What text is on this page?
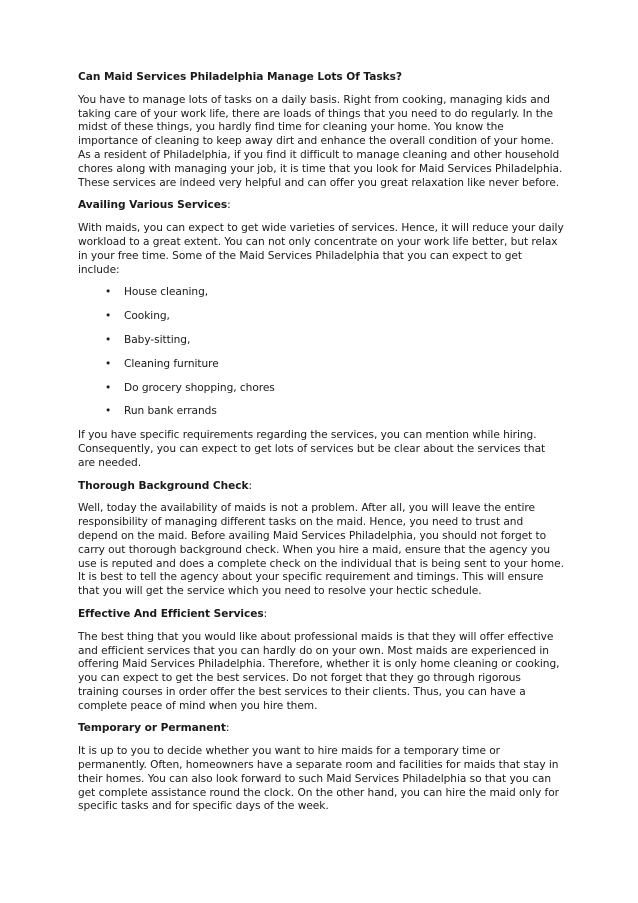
Can Maid Services Philadelphia Manage Lots Of Tasks?

You have to manage lots of tasks on a daily basis. Right from cooking, managing kids and taking care of your work life, there are loads of things that you need to do regularly. In the midst of these things, you hardly find time for cleaning your home. You know the importance of cleaning to keep away dirt and enhance the overall condition of your home. As a resident of Philadelphia, if you find it difficult to manage cleaning and other household chores along with managing your job, it is time that you look for Maid Services Philadelphia. These services are indeed very helpful and can offer you great relaxation like never before.

Availing Various Services:

With maids, you can expect to get wide varieties of services. Hence, it will reduce your daily workload to a great extent. You can not only concentrate on your work life better, but relax in your free time. Some of the Maid Services Philadelphia that you can expect to get include:

• House cleaning,
• Cooking,
• Baby-sitting,
• Cleaning furniture
• Do grocery shopping, chores
• Run bank errands

If you have specific requirements regarding the services, you can mention while hiring. Consequently, you can expect to get lots of services but be clear about the services that are needed.

Thorough Background Check:

Well, today the availability of maids is not a problem. After all, you will leave the entire responsibility of managing different tasks on the maid. Hence, you need to trust and depend on the maid. Before availing Maid Services Philadelphia, you should not forget to carry out thorough background check. When you hire a maid, ensure that the agency you use is reputed and does a complete check on the individual that is being sent to your home. It is best to tell the agency about your specific requirement and timings. This will ensure that you will get the service which you need to resolve your hectic schedule.

Effective And Efficient Services:

The best thing that you would like about professional maids is that they will offer effective and efficient services that you can hardly do on your own. Most maids are experienced in offering Maid Services Philadelphia. Therefore, whether it is only home cleaning or cooking, you can expect to get the best services. Do not forget that they go through rigorous training courses in order offer the best services to their clients. Thus, you can have a complete peace of mind when you hire them.

Temporary or Permanent:

It is up to you to decide whether you want to hire maids for a temporary time or permanently. Often, homeowners have a separate room and facilities for maids that stay in their homes. You can also look forward to such Maid Services Philadelphia so that you can get complete assistance round the clock. On the other hand, you can hire the maid only for specific tasks and for specific days of the week.
